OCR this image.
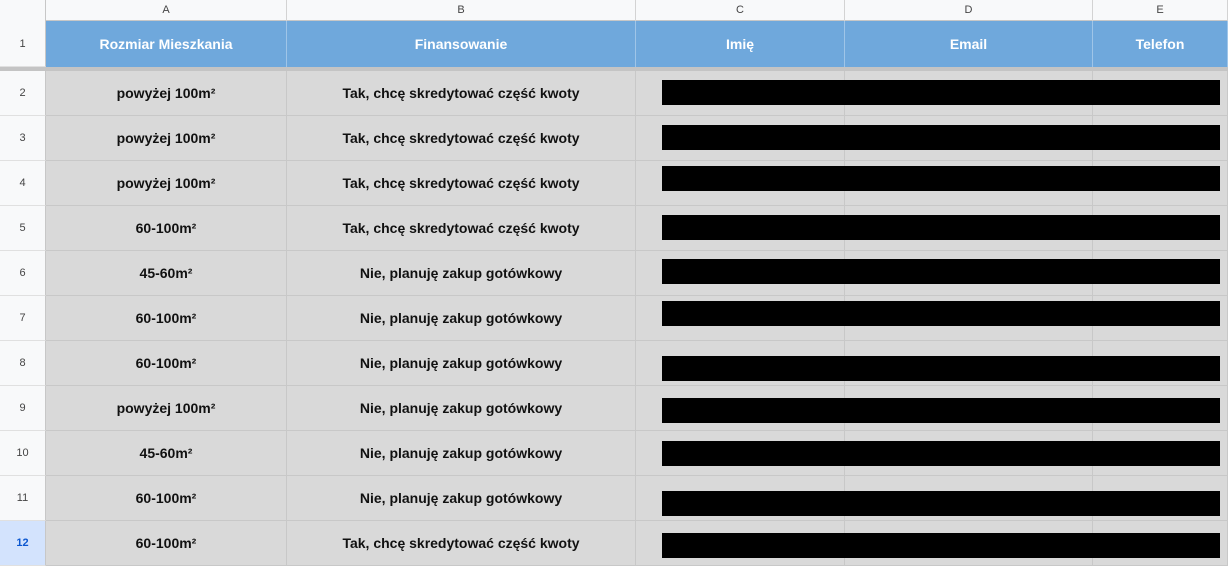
A	B	C	D	E
1	Rozmiar Mieszkania	Finansowanie	Imię	Email	Telefon
2	powyżej 100m²	Tak, chcę skredytować część kwoty
3	powyżej 100m²	Tak, chcę skredytować część kwoty
4	powyżej 100m²	Tak, chcę skredytować część kwoty
5	60-100m²	Tak, chcę skredytować część kwoty
6	45-60m²	Nie, planuję zakup gotówkowy
7	60-100m²	Nie, planuję zakup gotówkowy
8	60-100m²	Nie, planuję zakup gotówkowy
9	powyżej 100m²	Nie, planuję zakup gotówkowy
10	45-60m²	Nie, planuję zakup gotówkowy
11	60-100m²	Nie, planuję zakup gotówkowy
12	60-100m²	Tak, chcę skredytować część kwoty
